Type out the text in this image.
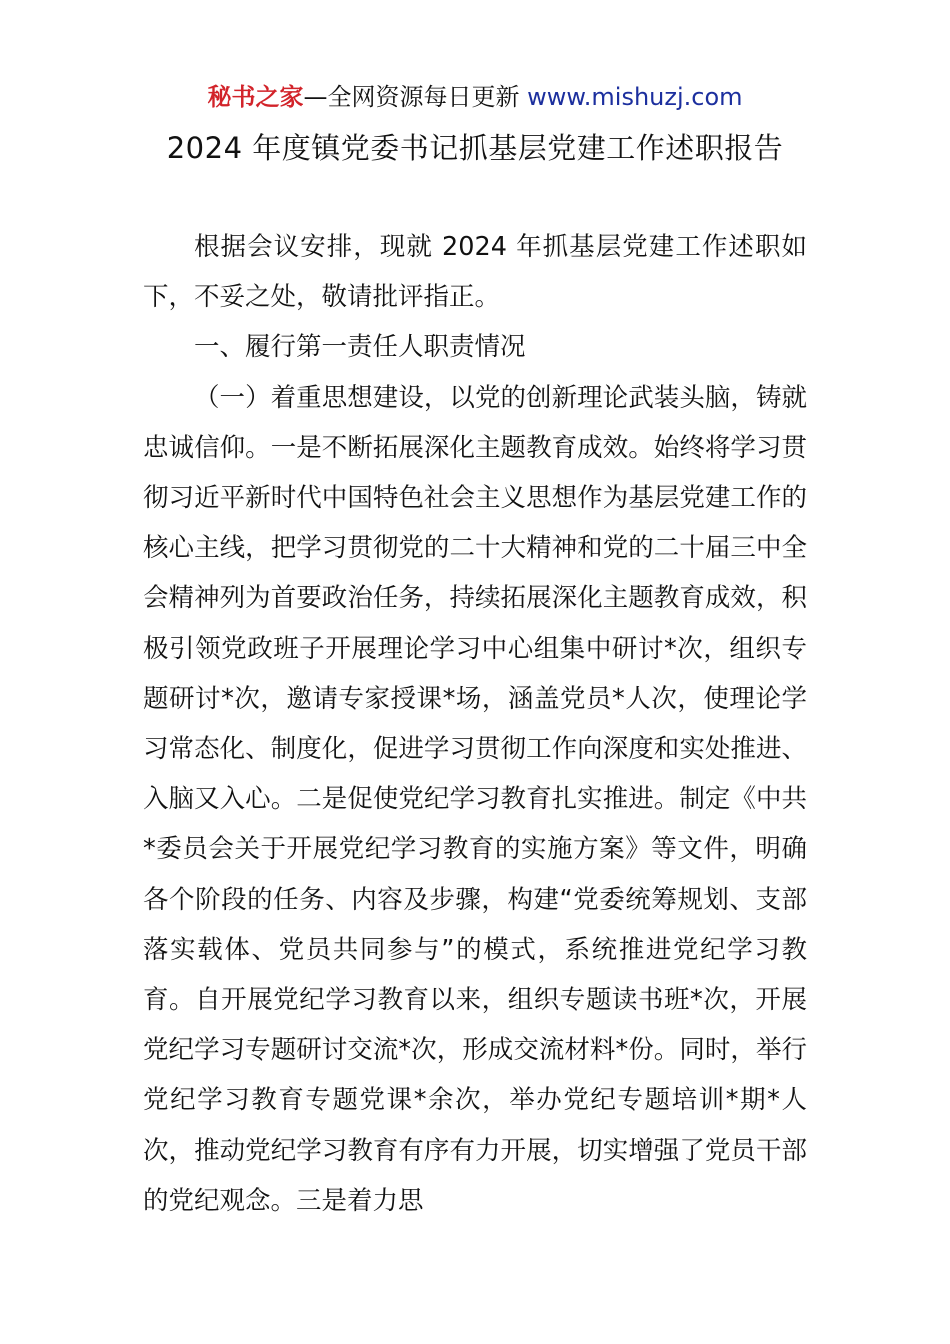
秘书之家—全网资源每日更新 www.mishuzj.com
2024 年度镇党委书记抓基层党建工作述职报告

根据会议安排，现就 2024 年抓基层党建工作述职如下，不妥之处，敬请批评指正。

一、履行第一责任人职责情况

（一）着重思想建设，以党的创新理论武装头脑，铸就忠诚信仰。一是不断拓展深化主题教育成效。始终将学习贯彻习近平新时代中国特色社会主义思想作为基层党建工作的核心主线，把学习贯彻党的二十大精神和党的二十届三中全会精神列为首要政治任务，持续拓展深化主题教育成效，积极引领党政班子开展理论学习中心组集中研讨*次，组织专题研讨*次，邀请专家授课*场，涵盖党员*人次，使理论学习常态化、制度化，促进学习贯彻工作向深度和实处推进、入脑又入心。二是促使党纪学习教育扎实推进。制定《中共*委员会关于开展党纪学习教育的实施方案》等文件，明确各个阶段的任务、内容及步骤，构建“党委统筹规划、支部落实载体、党员共同参与”的模式，系统推进党纪学习教育。自开展党纪学习教育以来，组织专题读书班*次，开展党纪学习专题研讨交流*次，形成交流材料*份。同时，举行党纪学习教育专题党课*余次，举办党纪专题培训*期*人次，推动党纪学习教育有序有力开展，切实增强了党员干部的党纪观念。三是着力思
